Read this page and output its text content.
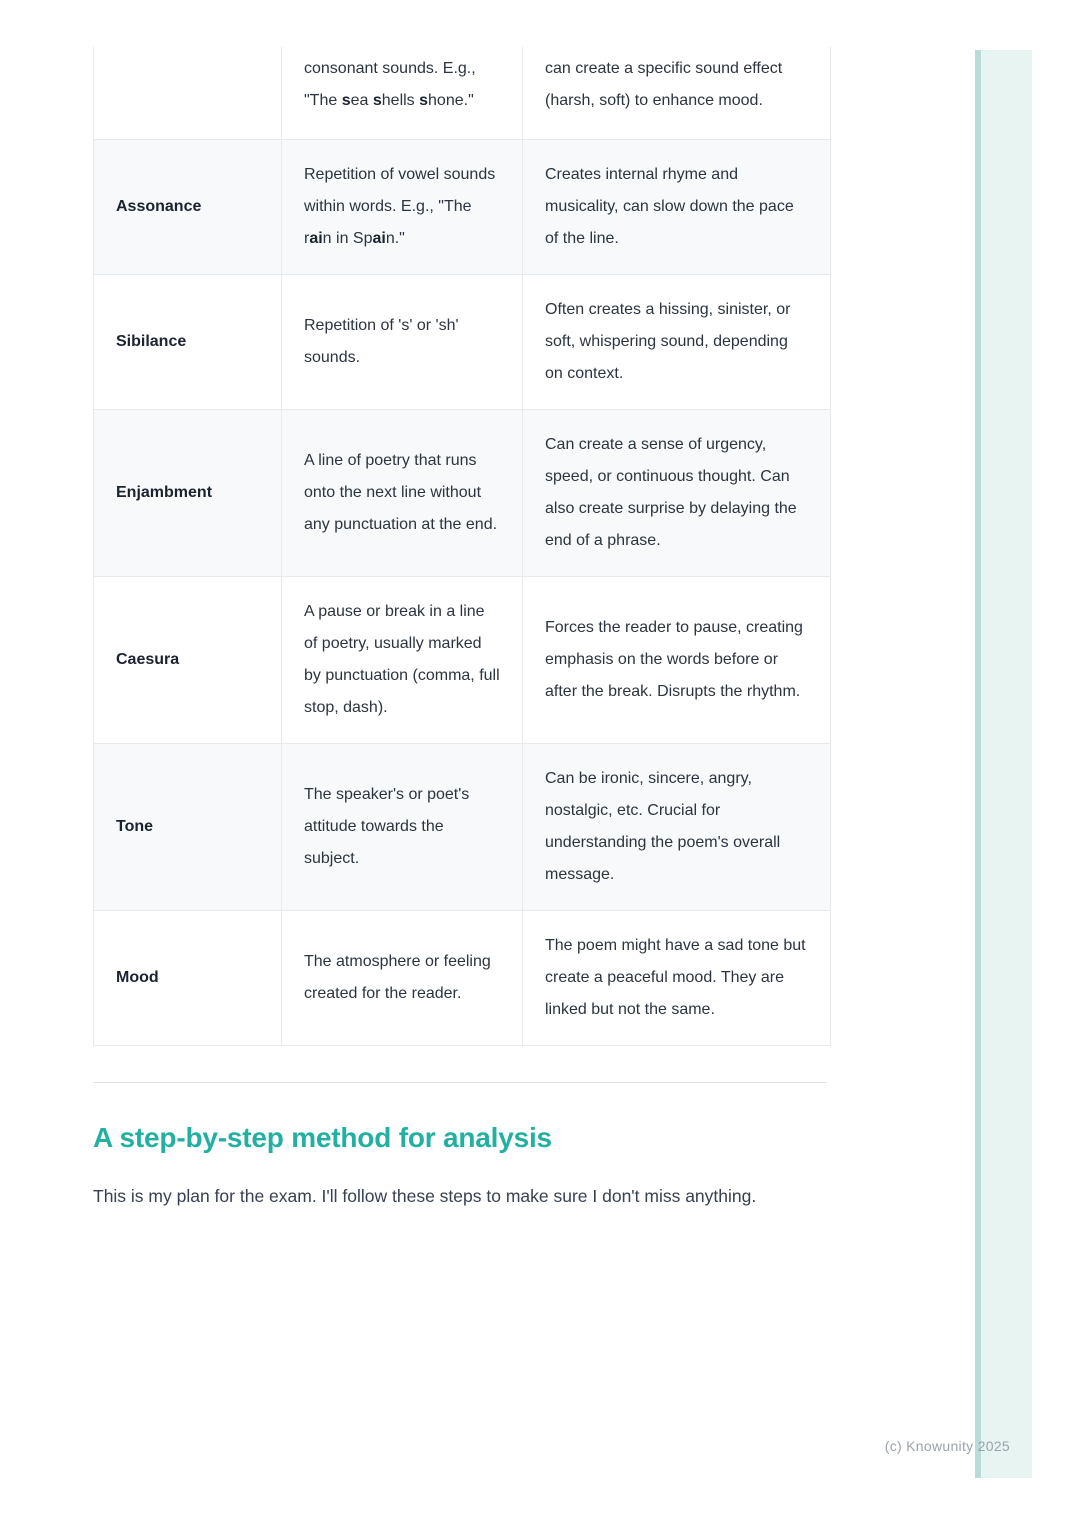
	consonant sounds. E.g., "The sea shells shone."	can create a specific sound effect (harsh, soft) to enhance mood.
Assonance	Repetition of vowel sounds within words. E.g., "The rain in Spain."	Creates internal rhyme and musicality, can slow down the pace of the line.
Sibilance	Repetition of 's' or 'sh' sounds.	Often creates a hissing, sinister, or soft, whispering sound, depending on context.
Enjambment	A line of poetry that runs onto the next line without any punctuation at the end.	Can create a sense of urgency, speed, or continuous thought. Can also create surprise by delaying the end of a phrase.
Caesura	A pause or break in a line of poetry, usually marked by punctuation (comma, full stop, dash).	Forces the reader to pause, creating emphasis on the words before or after the break. Disrupts the rhythm.
Tone	The speaker's or poet's attitude towards the subject.	Can be ironic, sincere, angry, nostalgic, etc. Crucial for understanding the poem's overall message.
Mood	The atmosphere or feeling created for the reader.	The poem might have a sad tone but create a peaceful mood. They are linked but not the same.
A step-by-step method for analysis

This is my plan for the exam. I'll follow these steps to make sure I don't miss anything.

(c) Knowunity 2025
